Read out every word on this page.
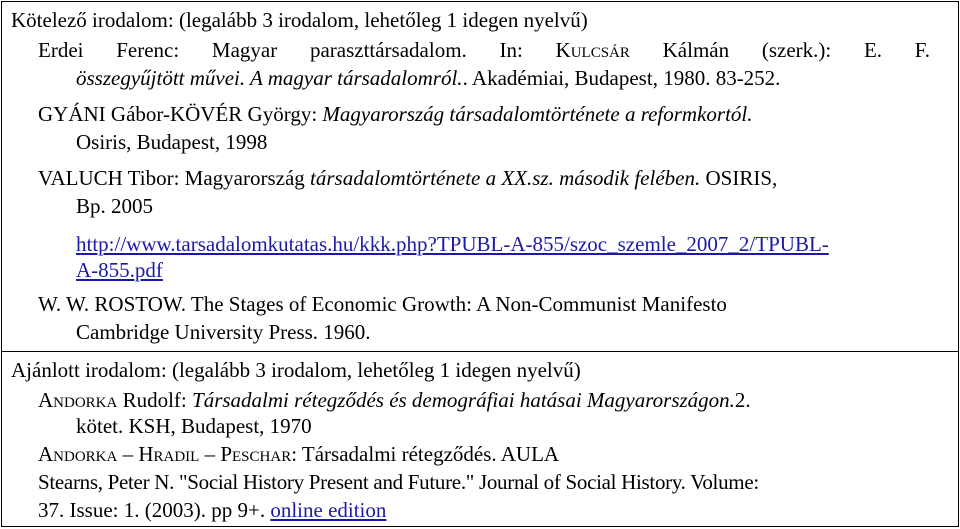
Kötelező irodalom: (legalább 3 irodalom, lehetőleg 1 idegen nyelvű)
Erdei Ferenc: Magyar paraszttársadalom. In: Kulcsár Kálmán (szerk.): E. F.
összegyűjtött művei. A magyar társadalomról.. Akadémiai, Budapest, 1980. 83-252.
GYÁNI Gábor-KÖVÉR György: Magyarország társadalomtörténete a reformkortól.
Osiris, Budapest, 1998
VALUCH Tibor: Magyarország társadalomtörténete a XX.sz. második felében. OSIRIS,
Bp. 2005
http://www.tarsadalomkutatas.hu/kkk.php?TPUBL-A-855/szoc_szemle_2007_2/TPUBL-
A-855.pdf
W. W. ROSTOW. The Stages of Economic Growth: A Non-Communist Manifesto
Cambridge University Press. 1960.
Ajánlott irodalom: (legalább 3 irodalom, lehetőleg 1 idegen nyelvű)
Andorka Rudolf: Társadalmi rétegződés és demográfiai hatásai Magyarországon.2.
kötet. KSH, Budapest, 1970
Andorka – Hradil – Peschar: Társadalmi rétegződés. AULA
Stearns, Peter N. "Social History Present and Future." Journal of Social History. Volume:
37. Issue: 1. (2003). pp 9+. online edition
